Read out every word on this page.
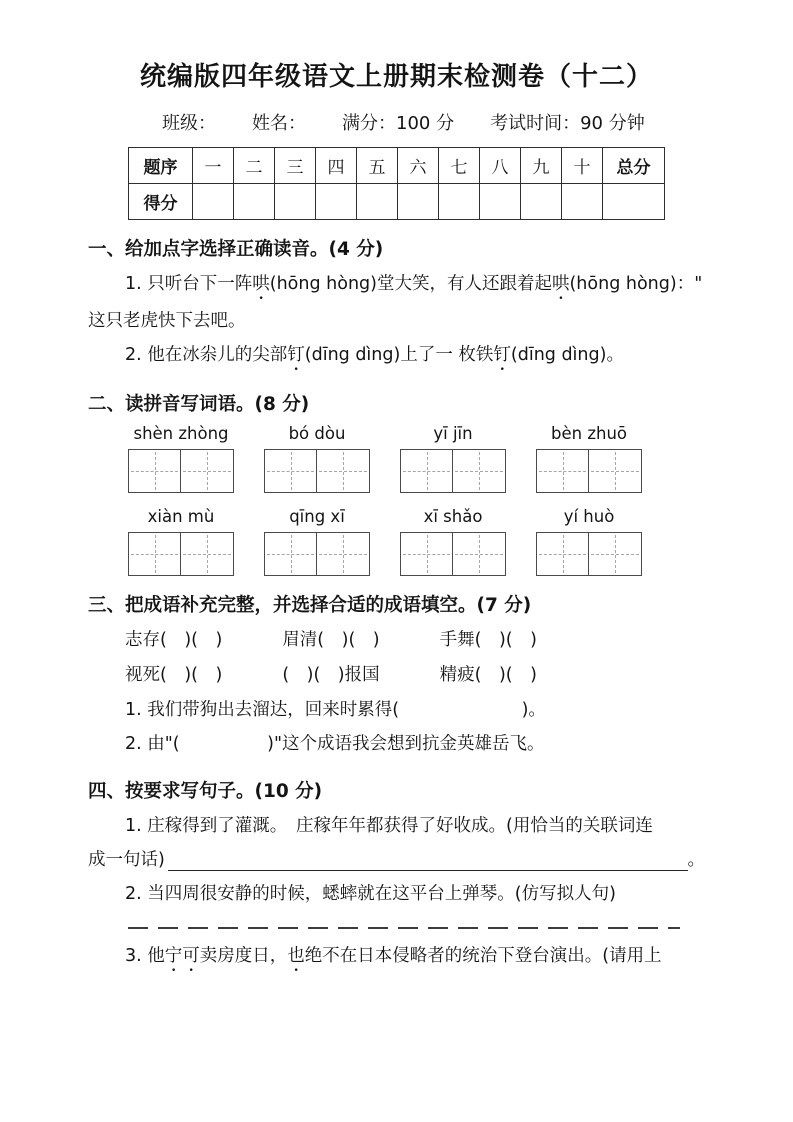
统编版四年级语文上册期末检测卷（十二）
班级： 姓名： 满分：100 分 考试时间：90 分钟
题序	一	二	三	四	五	六	七	八	九	十	总分
得分											
一、给加点字选择正确读音。(4 分)

1. 只听台下一阵哄(hōng hòng)堂大笑，有人还跟着起哄(hōng hòng)："

这只老虎快下去吧。

2. 他在冰尜儿的尖部钉(dīng dìng)上了一 枚铁钉(dīng dìng)。

二、读拼音写词语。(8 分)
shèn zhòng	bó dòu	yī jīn	bèn zhuō
xiàn mù	qīng xī	xī shǎo	yí huò
三、把成语补充完整，并选择合适的成语填空。(7 分)
志存(　)(　)	眉清(　)(　)	手舞(　)(　)
视死(　)(　)	(　)(　)报国	精疲(　)(　)

1. 我们带狗出去溜达，回来时累得(　　　　　　　)。

2. 由"(　　　　　)"这个成语我会想到抗金英雄岳飞。

四、按要求写句子。(10 分)

1. 庄稼得到了灌溉。　庄稼年年都获得了好收成。(用恰当的关联词连

成一句话)	。

2. 当四周很安静的时候，蟋蟀就在这平台上弹琴。(仿写拟人句)

3. 他宁可卖房度日，也绝不在日本侵略者的统治下登台演出。(请用上
